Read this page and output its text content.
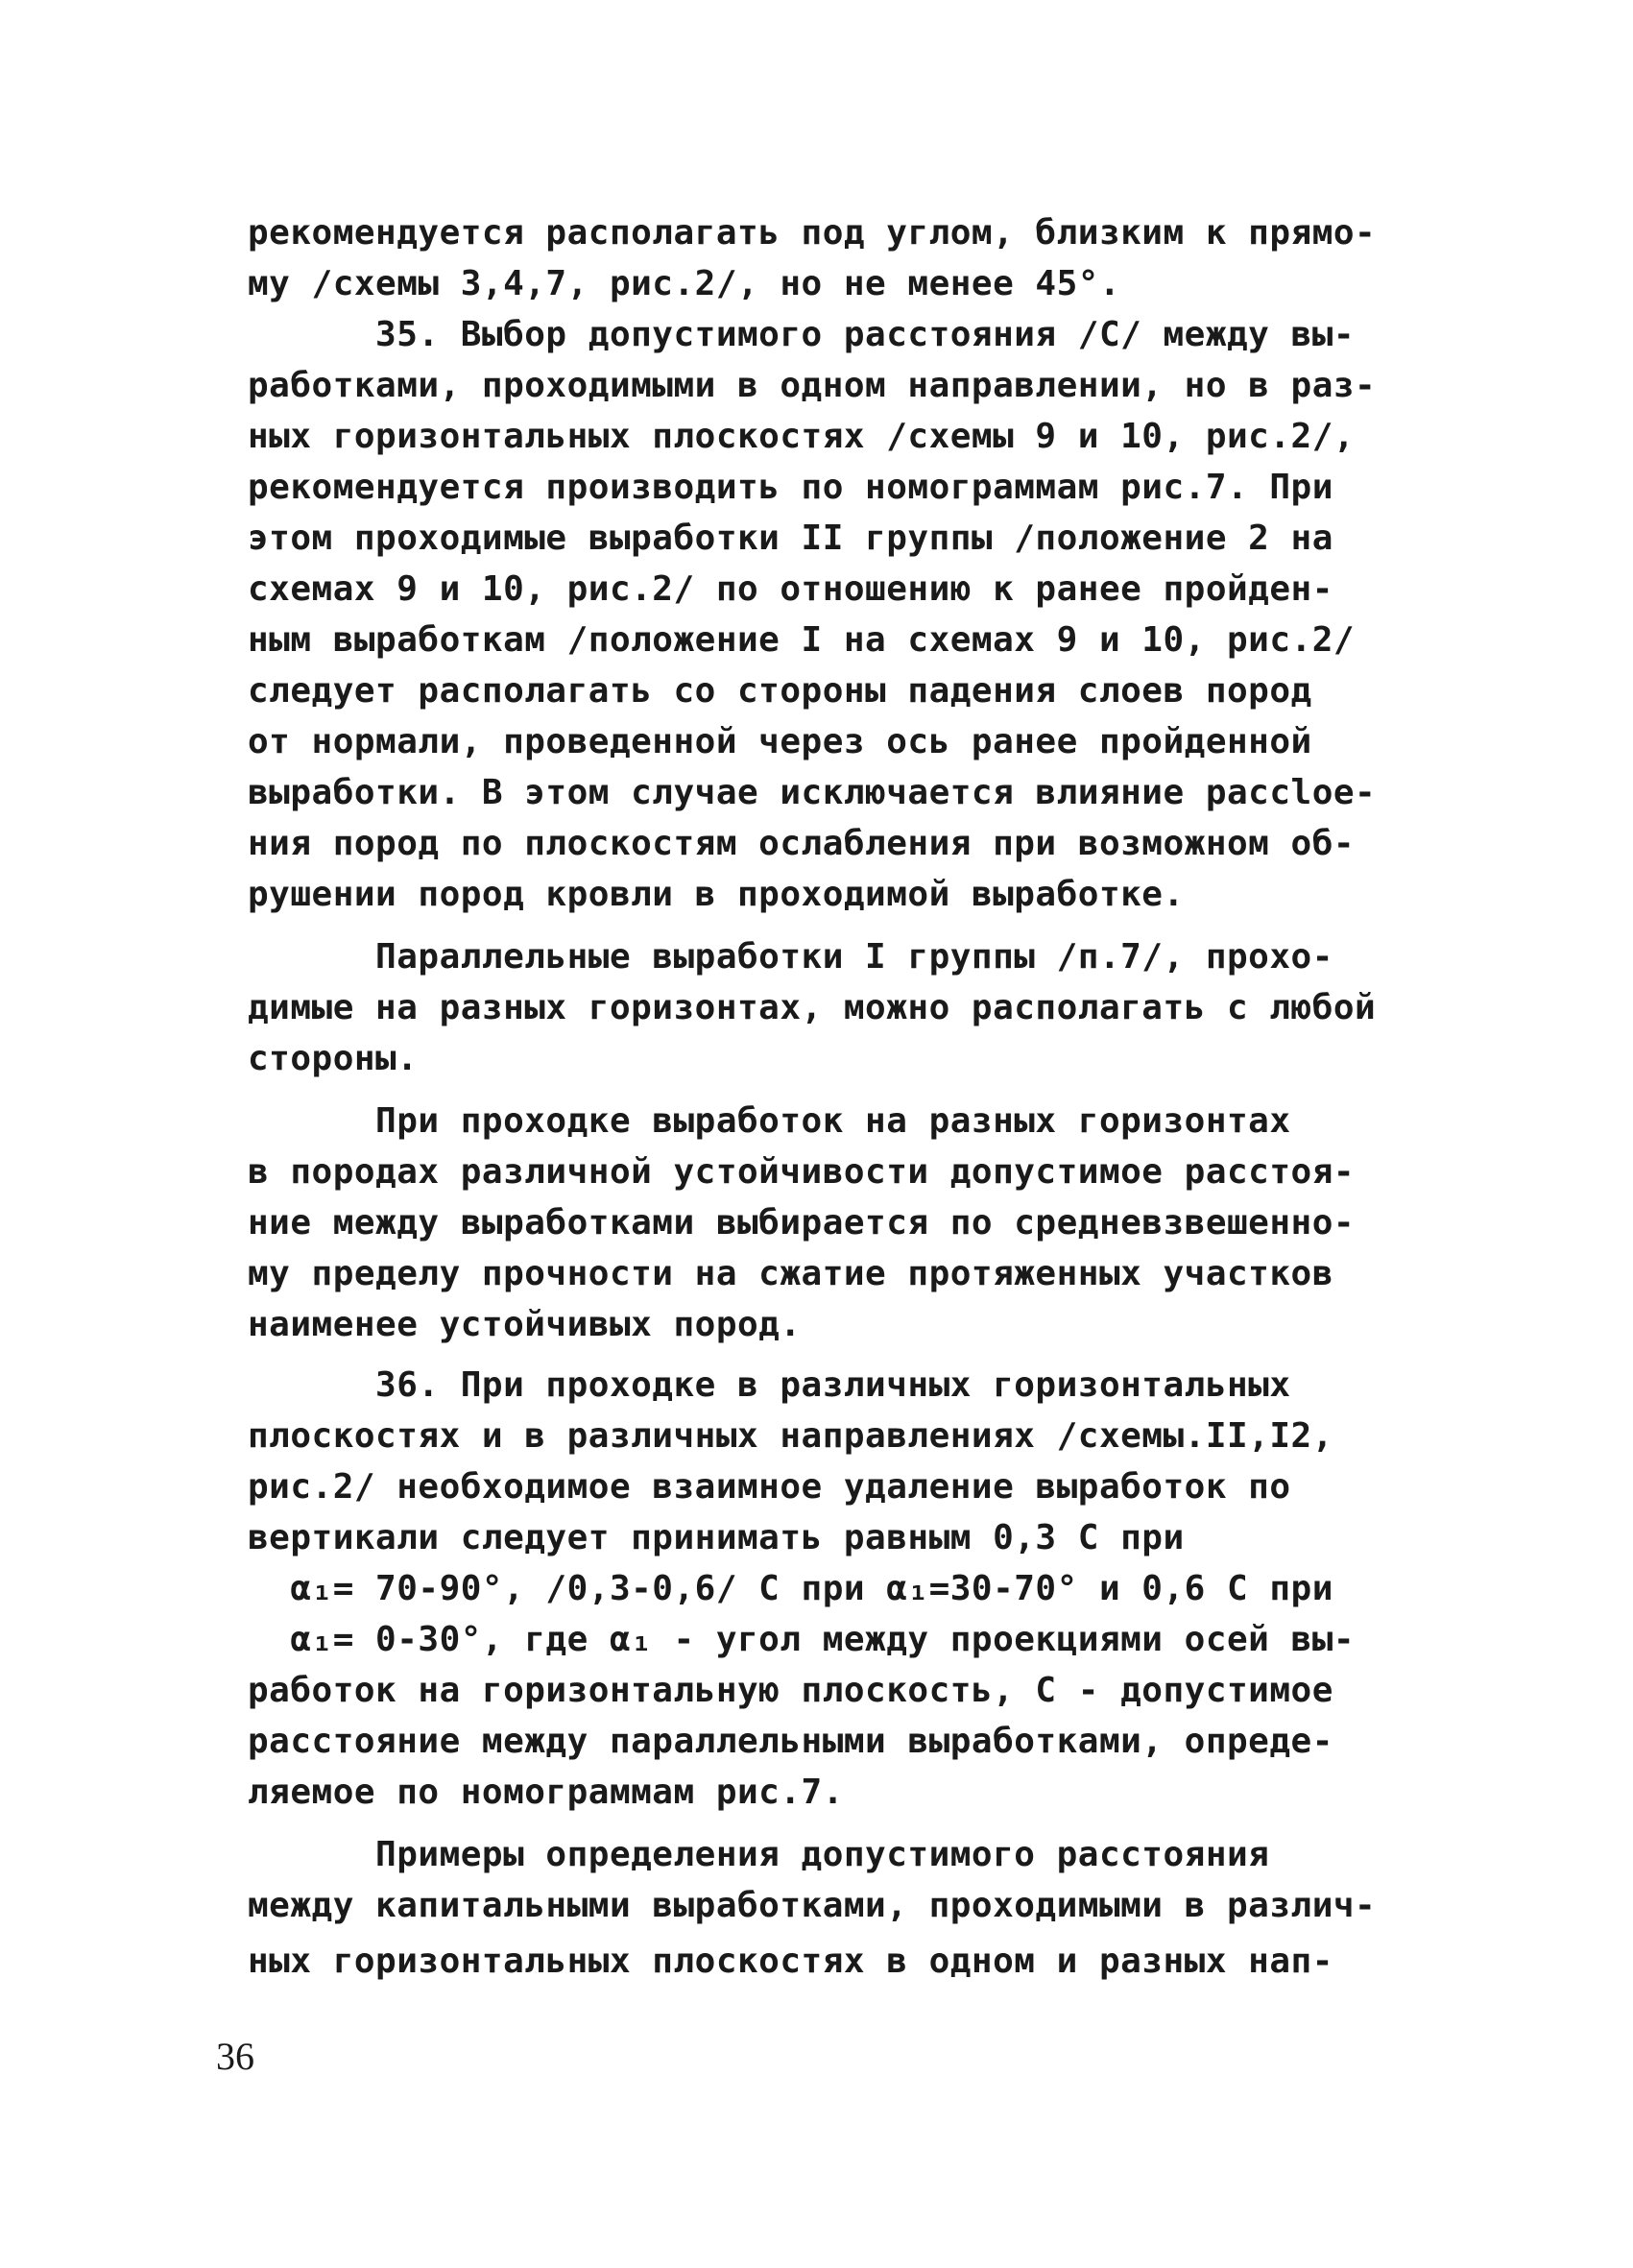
рекомендуется располагать под углом, близким к прямо-
му /схемы 3,4,7, рис.2/, но не менее 45°.
35. Выбор допустимого расстояния /С/ между вы-
работками, проходимыми в одном направлении, но в раз-
ных горизонтальных плоскостях /схемы 9 и 10, рис.2/,
рекомендуется производить по номограммам рис.7. При
этом проходимые выработки II группы /положение 2 на
схемах 9 и 10, рис.2/ по отношению к ранее пройден-
ным выработкам /положение I на схемах 9 и 10, рис.2/
следует располагать со стороны падения слоев пород
от нормали, проведенной через ось ранее пройденной
выработки. В этом случае исключается влияние рассloе-
ния пород по плоскостям ослабления при возможном об-
рушении пород кровли в проходимой выработке.
Параллельные выработки I группы /п.7/, прохо-
димые на разных горизонтах, можно располагать с любой
стороны.
При проходке выработок на разных горизонтах
в породах различной устойчивости допустимое расстоя-
ние между выработками выбирается по средневзвешенно-
му пределу прочности на сжатие протяженных участков
наименее устойчивых пород.
36. При проходке в различных горизонтальных
плоскостях и в различных направлениях /схемы.II,I2,
рис.2/ необходимое взаимное удаление выработок по
вертикали следует принимать равным 0,3 С при
α₁= 70-90°, /0,3-0,6/ С при α₁=30-70° и 0,6 С при
α₁= 0-30°, где α₁ - угол между проекциями осей вы-
работок на горизонтальную плоскость, С - допустимое
расстояние между параллельными выработками, опреде-
ляемое по номограммам рис.7.
Примеры определения допустимого расстояния
между капитальными выработками, проходимыми в различ-
ных горизонтальных плоскостях в одном и разных нап-
36
